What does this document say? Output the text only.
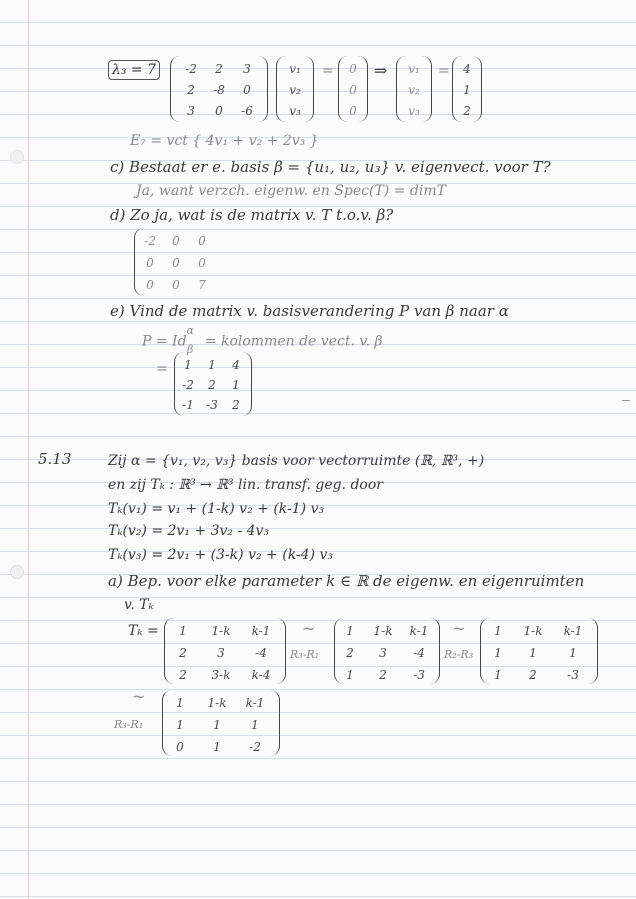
λ₃ = 7	-2	2	3
2	-8	0
3	0	-6
v₁
v₂
v₃
=	0
0
0
⇒	v₁
v₂
v₃
=	4
1
2
E₇ = vct { 4v₁ + v₂ + 2v₃ }
c) Bestaat er e. basis β = {u₁, u₂, u₃} v. eigenvect. voor T?
Ja, want verzch. eigenw. en Spec(T) = dimT
d) Zo ja, wat is de matrix v. T t.o.v. β?
-2	0	0
0	0	0
0	0	7
e) Vind de matrix v. basisverandering P van β naar α
$P = Id^\alpha_\beta$ = kolommen de vect. v. β
=	1	1	4
-2	2	1
-1	-3	2
5.13	Zij α = {v₁, v₂, v₃} basis voor vectorruimte (ℝ, ℝ³, +)
en zij Tₖ : ℝ³ → ℝ³ lin. transf. geg. door
Tₖ(v₁) = v₁ + (1-k) v₂ + (k-1) v₃
Tₖ(v₂) = 2v₁ + 3v₂ - 4v₃
Tₖ(v₃) = 2v₁ + (3-k) v₂ + (k-4) v₃
a) Bep. voor elke parameter k ∈ ℝ de eigenw. en eigenruimten
v. Tₖ
Tₖ =	1	1-k	k-1
2	3	-4
2	3-k	k-4
~
R₃-R₁
1	1-k	k-1
2	3	-4
1	2	-3
~
R₂-R₃
1	1-k	k-1
1	1	1
1	2	-3
~
R₃-R₁
1	1-k	k-1
1	1	1
0	1	-2
